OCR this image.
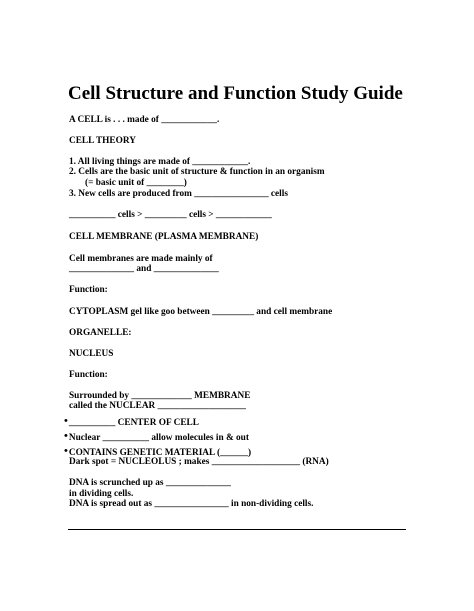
Cell Structure and Function Study Guide
A CELL is . . . made of ____________.
CELL THEORY
1. All living things are made of ____________.
2. Cells are the basic unit of structure & function in an organism
(= basic unit of ________)
3. New cells are produced from ________________ cells
__________ cells > _________ cells > ____________
CELL MEMBRANE (PLASMA MEMBRANE)
Cell membranes are made mainly of
______________ and ______________
Function:
CYTOPLASM gel like goo between _________ and cell membrane
ORGANELLE:
NUCLEUS
Function:
Surrounded by _____________ MEMBRANE
called the NUCLEAR ___________________
•__________ CENTER OF CELL
•Nuclear __________ allow molecules in & out
•CONTAINS GENETIC MATERIAL (______)
Dark spot = NUCLEOLUS ; makes ___________________ (RNA)
DNA is scrunched up as ______________
in dividing cells.
DNA is spread out as ________________ in non-dividing cells.
